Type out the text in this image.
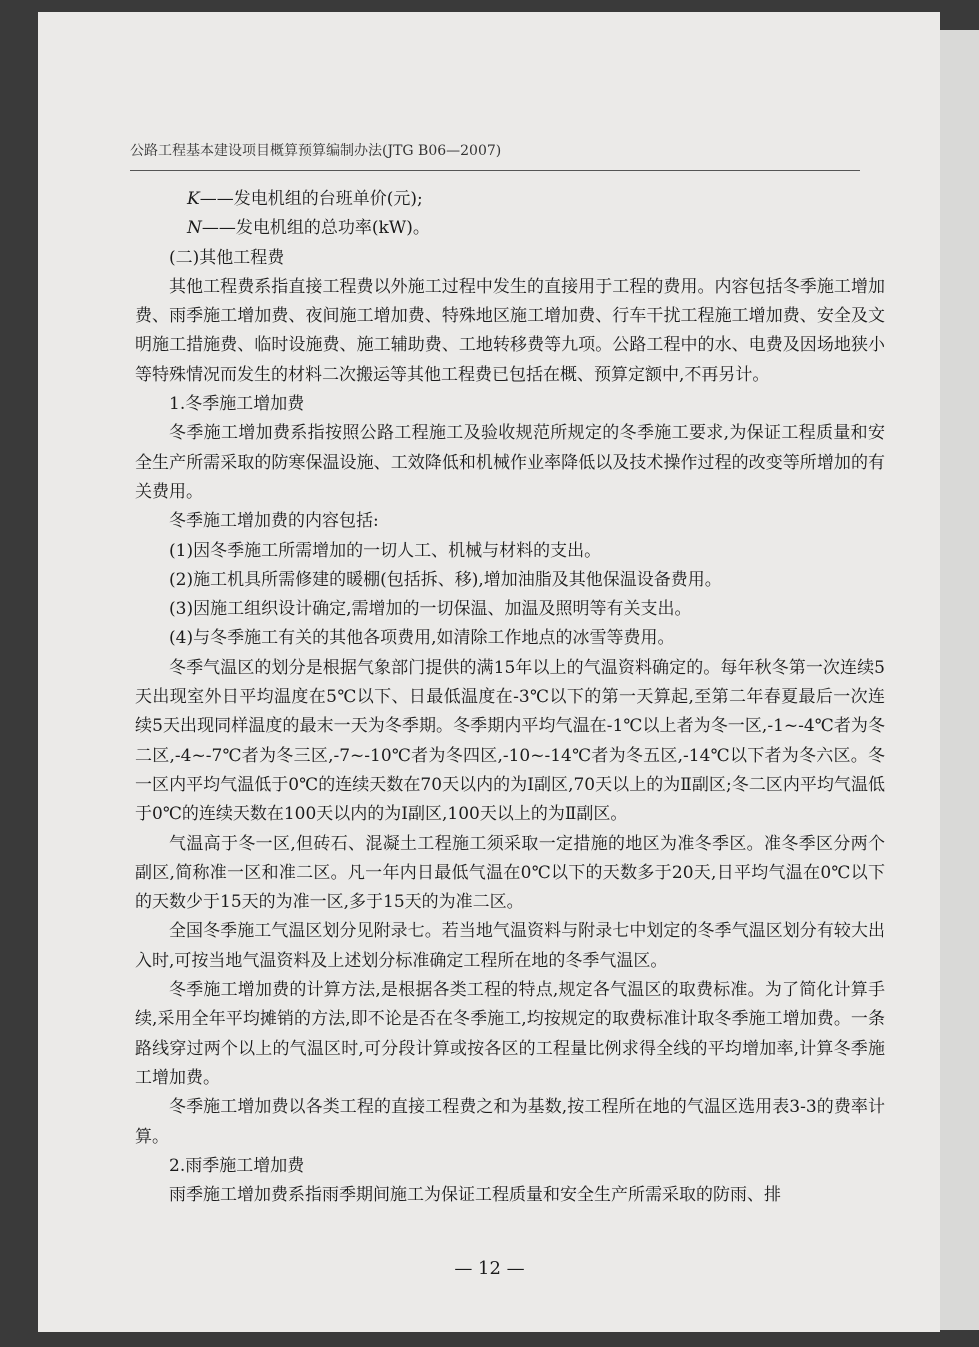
公路工程基本建设项目概算预算编制办法(JTG B06—2007)

K——发电机组的台班单价(元);

N——发电机组的总功率(kW)。

(二)其他工程费

其他工程费系指直接工程费以外施工过程中发生的直接用于工程的费用。内容包括冬季施工增加费、雨季施工增加费、夜间施工增加费、特殊地区施工增加费、行车干扰工程施工增加费、安全及文明施工措施费、临时设施费、施工辅助费、工地转移费等九项。公路工程中的水、电费及因场地狭小等特殊情况而发生的材料二次搬运等其他工程费已包括在概、预算定额中,不再另计。

1.冬季施工增加费

冬季施工增加费系指按照公路工程施工及验收规范所规定的冬季施工要求,为保证工程质量和安全生产所需采取的防寒保温设施、工效降低和机械作业率降低以及技术操作过程的改变等所增加的有关费用。

冬季施工增加费的内容包括:

(1)因冬季施工所需增加的一切人工、机械与材料的支出。

(2)施工机具所需修建的暖棚(包括拆、移),增加油脂及其他保温设备费用。

(3)因施工组织设计确定,需增加的一切保温、加温及照明等有关支出。

(4)与冬季施工有关的其他各项费用,如清除工作地点的冰雪等费用。

冬季气温区的划分是根据气象部门提供的满15年以上的气温资料确定的。每年秋冬第一次连续5天出现室外日平均温度在5℃以下、日最低温度在-3℃以下的第一天算起,至第二年春夏最后一次连续5天出现同样温度的最末一天为冬季期。冬季期内平均气温在-1℃以上者为冬一区,-1~-4℃者为冬二区,-4~-7℃者为冬三区,-7~-10℃者为冬四区,-10~-14℃者为冬五区,-14℃以下者为冬六区。冬一区内平均气温低于0℃的连续天数在70天以内的为Ⅰ副区,70天以上的为Ⅱ副区;冬二区内平均气温低于0℃的连续天数在100天以内的为Ⅰ副区,100天以上的为Ⅱ副区。

气温高于冬一区,但砖石、混凝土工程施工须采取一定措施的地区为准冬季区。准冬季区分两个副区,简称准一区和准二区。凡一年内日最低气温在0℃以下的天数多于20天,日平均气温在0℃以下的天数少于15天的为准一区,多于15天的为准二区。

全国冬季施工气温区划分见附录七。若当地气温资料与附录七中划定的冬季气温区划分有较大出入时,可按当地气温资料及上述划分标准确定工程所在地的冬季气温区。

冬季施工增加费的计算方法,是根据各类工程的特点,规定各气温区的取费标准。为了简化计算手续,采用全年平均摊销的方法,即不论是否在冬季施工,均按规定的取费标准计取冬季施工增加费。一条路线穿过两个以上的气温区时,可分段计算或按各区的工程量比例求得全线的平均增加率,计算冬季施工增加费。

冬季施工增加费以各类工程的直接工程费之和为基数,按工程所在地的气温区选用表3-3的费率计算。

2.雨季施工增加费

雨季施工增加费系指雨季期间施工为保证工程质量和安全生产所需采取的防雨、排

— 12 —
